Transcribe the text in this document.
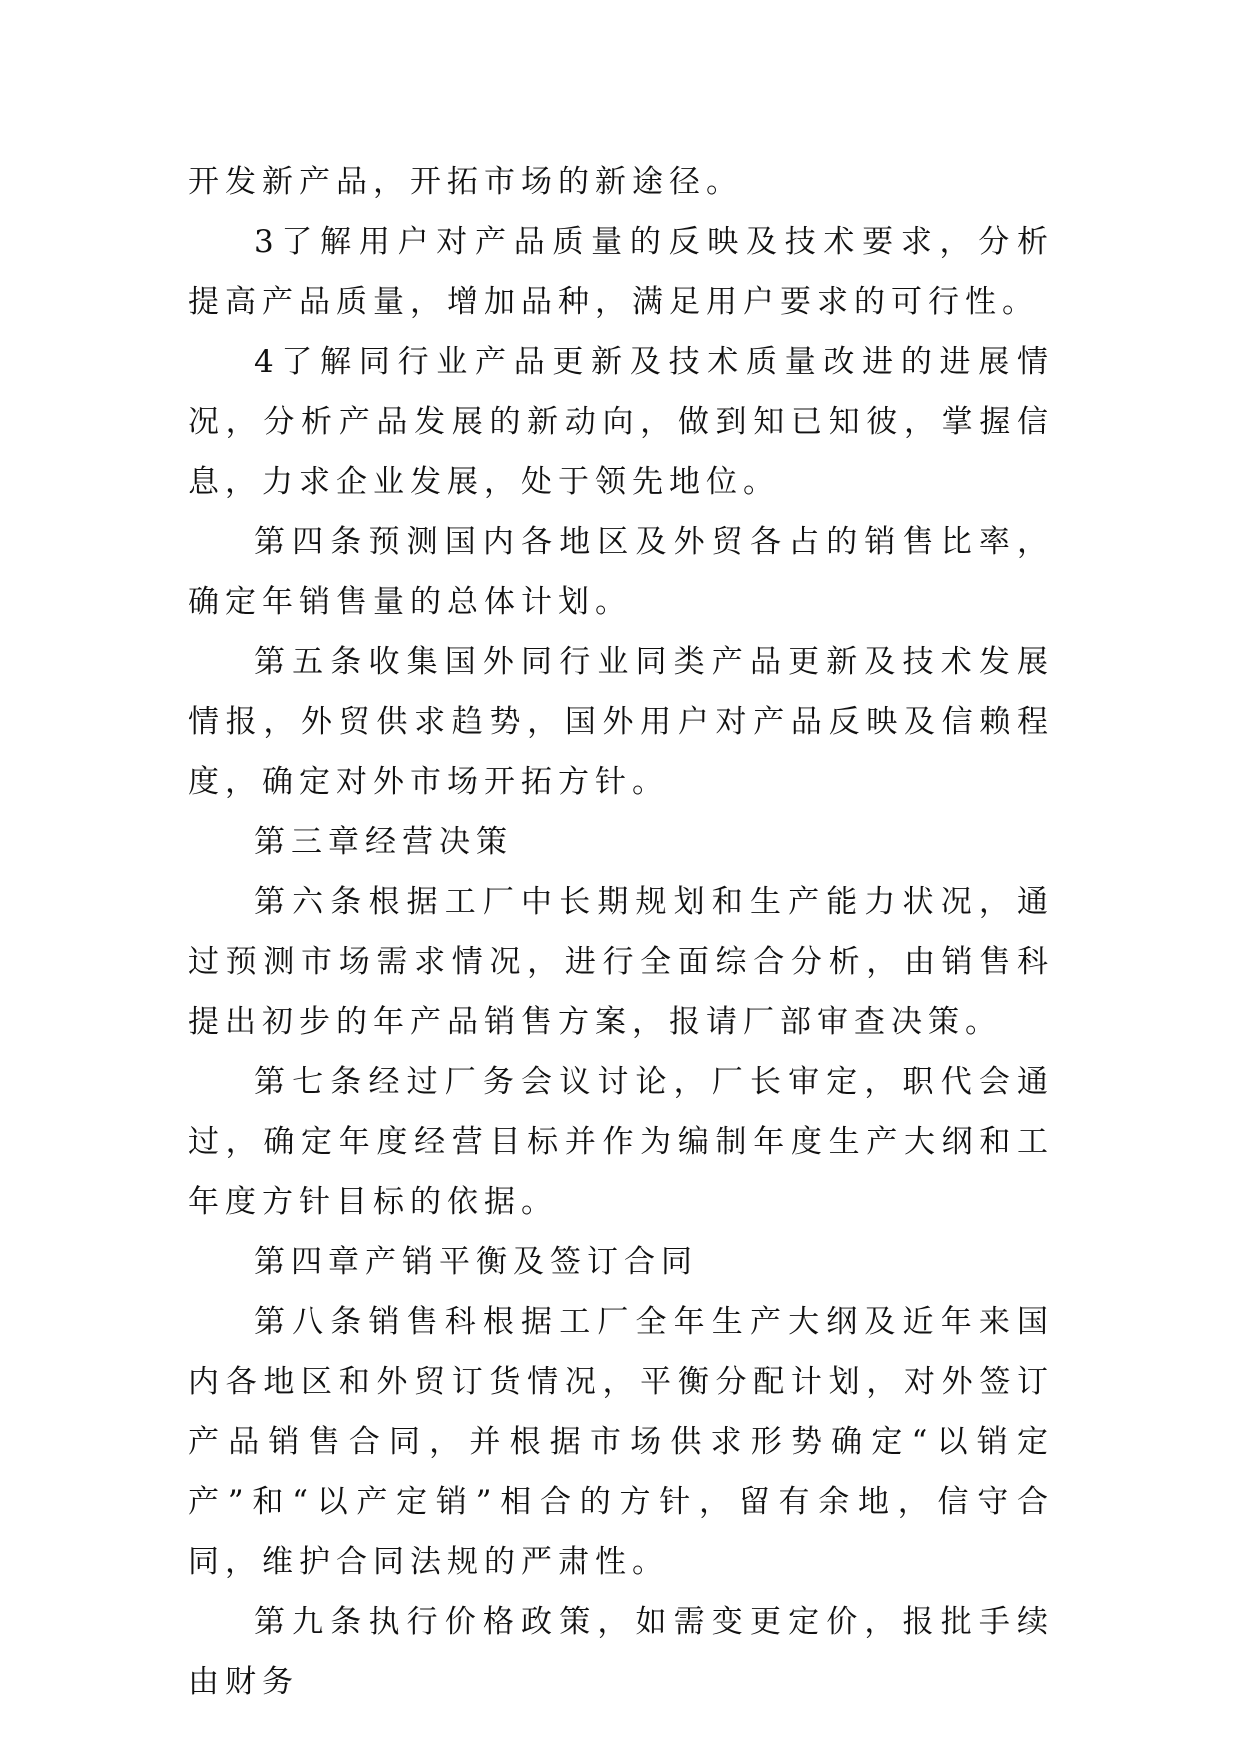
开发新产品，开拓市场的新途径。

3了解用户对产品质量的反映及技术要求，分析提高产品质量，增加品种，满足用户要求的可行性。

4了解同行业产品更新及技术质量改进的进展情况，分析产品发展的新动向，做到知已知彼，掌握信息，力求企业发展，处于领先地位。

第四条预测国内各地区及外贸各占的销售比率，确定年销售量的总体计划。

第五条收集国外同行业同类产品更新及技术发展情报，外贸供求趋势，国外用户对产品反映及信赖程度，确定对外市场开拓方针。

第三章经营决策

第六条根据工厂中长期规划和生产能力状况，通过预测市场需求情况，进行全面综合分析，由销售科提出初步的年产品销售方案，报请厂部审查决策。

第七条经过厂务会议讨论，厂长审定，职代会通过，确定年度经营目标并作为编制年度生产大纲和工年度方针目标的依据。

第四章产销平衡及签订合同

第八条销售科根据工厂全年生产大纲及近年来国内各地区和外贸订货情况，平衡分配计划，对外签订产品销售合同，并根据市场供求形势确定“以销定产”和“以产定销”相合的方针，留有余地，信守合同，维护合同法规的严肃性。

第九条执行价格政策，如需变更定价，报批手续由财务
